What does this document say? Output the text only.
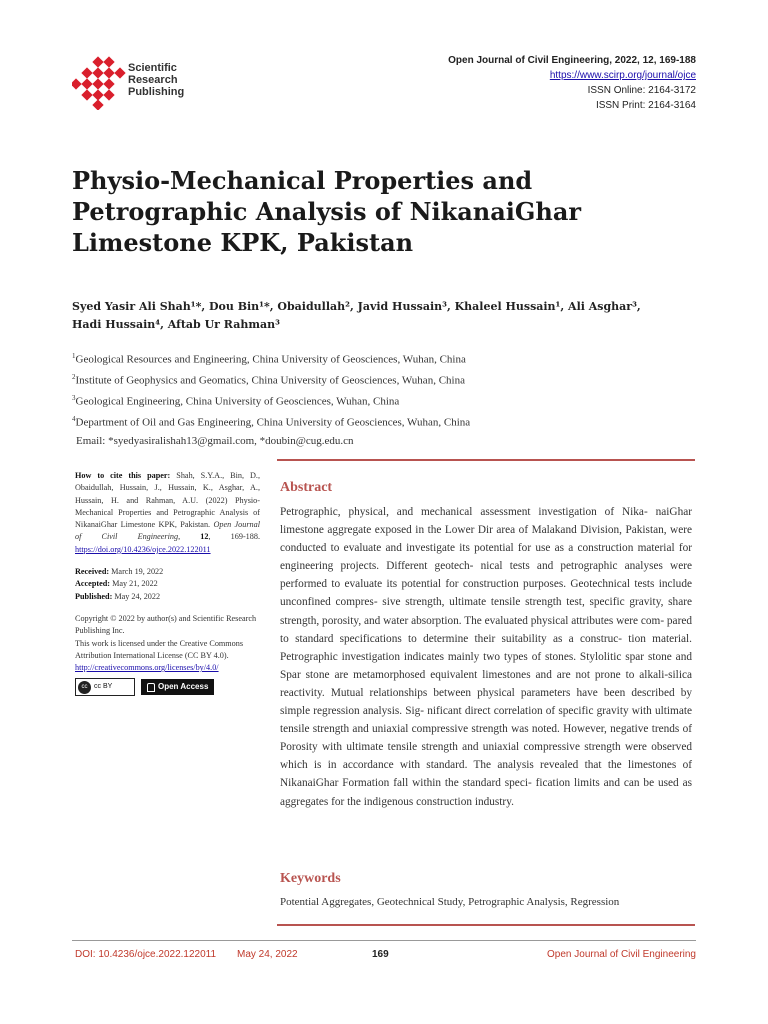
Scientific
Research
Publishing
Open Journal of Civil Engineering, 2022, 12, 169-188
https://www.scirp.org/journal/ojce
ISSN Online: 2164-3172
ISSN Print: 2164-3164
Physio-Mechanical Properties and Petrographic Analysis of NikanaiGhar Limestone KPK, Pakistan
Syed Yasir Ali Shah¹*, Dou Bin¹*, Obaidullah², Javid Hussain³, Khaleel Hussain¹, Ali Asghar³,
Hadi Hussain⁴, Aftab Ur Rahman³
$^1$Geological Resources and Engineering, China University of Geosciences, Wuhan, China
$^2$Institute of Geophysics and Geomatics, China University of Geosciences, Wuhan, China
$^3$Geological Engineering, China University of Geosciences, Wuhan, China
$^4$Department of Oil and Gas Engineering, China University of Geosciences, Wuhan, China
Email: *syedyasiralishah13@gmail.com, *doubin@cug.edu.cn
How to cite this paper: Shah, S.Y.A., Bin, D., Obaidullah, Hussain, J., Hussain, K., Asghar, A., Hussain, H. and Rahman, A.U. (2022) Physio-Mechanical Properties and Petrographic Analysis of NikanaiGhar Limestone KPK, Pakistan. Open Journal of Civil Engineering, 12, 169-188. https://doi.org/10.4236/ojce.2022.122011
Received: March 19, 2022
Accepted: May 21, 2022
Published: May 24, 2022
Copyright © 2022 by author(s) and Scientific Research Publishing Inc.
This work is licensed under the Creative Commons Attribution International License (CC BY 4.0).
http://creativecommons.org/licenses/by/4.0/
cc cc BY	Open Access
Abstract
Petrographic, physical, and mechanical assessment investigation of Nika- naiGhar limestone aggregate exposed in the Lower Dir area of Malakand Division, Pakistan, were conducted to evaluate and investigate its potential for use as a construction material for engineering projects. Different geotech- nical tests and petrographic analyses were performed to evaluate its potential for construction purposes. Geotechnical tests include unconfined compres- sive strength, ultimate tensile strength test, specific gravity, share strength, porosity, and water absorption. The evaluated physical attributes were com- pared to standard specifications to determine their suitability as a construc- tion material. Petrographic investigation indicates mainly two types of stones. Stylolitic spar stone and Spar stone are metamorphosed equivalent limestones and are not prone to alkali-silica reactivity. Mutual relationships between physical parameters have been described by simple regression analysis. Sig- nificant direct correlation of specific gravity with ultimate tensile strength and uniaxial compressive strength was noted. However, negative trends of Porosity with ultimate tensile strength and uniaxial compressive strength were observed which is in accordance with standard. The analysis revealed that the limestones of NikanaiGhar Formation fall within the standard speci- fication limits and can be used as aggregates for the indigenous construction industry.
Keywords
Potential Aggregates, Geotechnical Study, Petrographic Analysis, Regression
DOI: 10.4236/ojce.2022.122011 May 24, 2022	169	Open Journal of Civil Engineering
